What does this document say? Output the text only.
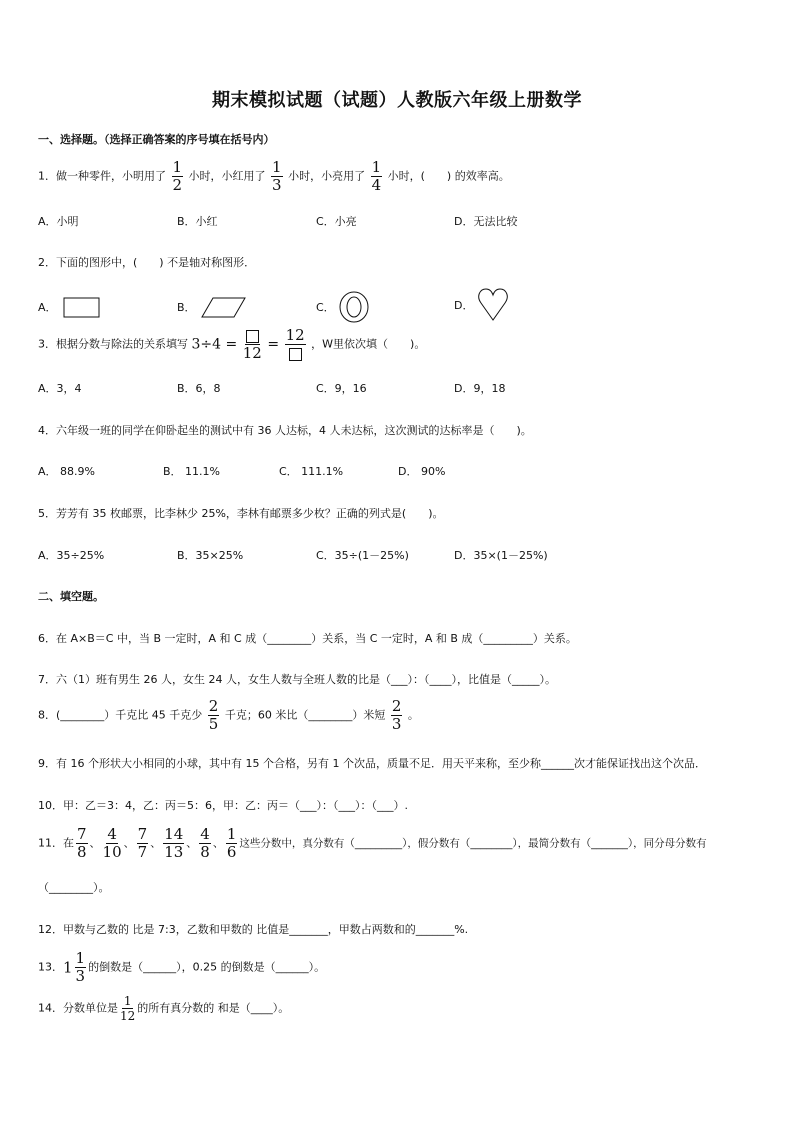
期末模拟试题（试题）人教版六年级上册数学
一、选择题。（选择正确答案的序号填在括号内）
1．做一种零件，小明用了 $\frac{1}{2}$ 小时，小红用了 $\frac{1}{3}$ 小时，小亮用了 $\frac{1}{4}$ 小时，(　　) 的效率高。
A．小明	B．小红	C．小亮	D．无法比较
2．下面的图形中，(　　) 不是轴对称图形．
A．	B．	C．	D．
3．根据分数与除法的关系填写 3÷4 = 12 =
12 ，W里依次填（　　)。
A．3，4	B．6，8	C．9，16	D．9，18
4．六年级一班的同学在仰卧起坐的测试中有 36 人达标，4 人未达标，这次测试的达标率是（　　)。
A． 88.9%	B． 11.1%	C． 111.1%	D． 90%
5．芳芳有 35 枚邮票，比李林少 25%，李林有邮票多少枚？正确的列式是(　　)。
A．35÷25%	B．35×25%	C．35÷(1－25%)	D．35×(1－25%)
二、填空题。
6．在 A×B＝C 中，当 B 一定时，A 和 C 成（________）关系，当 C 一定时，A 和 B 成（_________）关系。
7．六（1）班有男生 26 人，女生 24 人，女生人数与全班人数的比是（___）：（____），比值是（_____）。
8．(________）千克比 45 千克少 $\frac{2}{5}$ 千克；60 米比（________）米短 $\frac{2}{3}$ 。
9．有 16 个形状大小相同的小球，其中有 15 个合格，另有 1 个次品，质量不足．用天平来称，至少称______次才能保证找出这个次品．
10．甲：乙＝3：4，乙：丙＝5：6，甲：乙：丙＝（___）：（___）：（___）.
11．在 $\frac{7}{8}$ 、 $\frac{4}{10}$ 、 $\frac{7}{7}$ 、 $\frac{14}{13}$ 、 $\frac{4}{8}$ 、 $\frac{1}{6}$ 这些分数中，真分数有（_________），假分数有（________），最简分数有（_______），同分母分数有
（________）。
12．甲数与乙数的 比是 7:3，乙数和甲数的 比值是_______，甲数占两数和的_______%.
13．$1 \frac{1}{3}$ 的倒数是（______），0.25 的倒数是（______）。
14．分数单位是 $\frac{1}{12}$ 的所有真分数的 和是（____）。
